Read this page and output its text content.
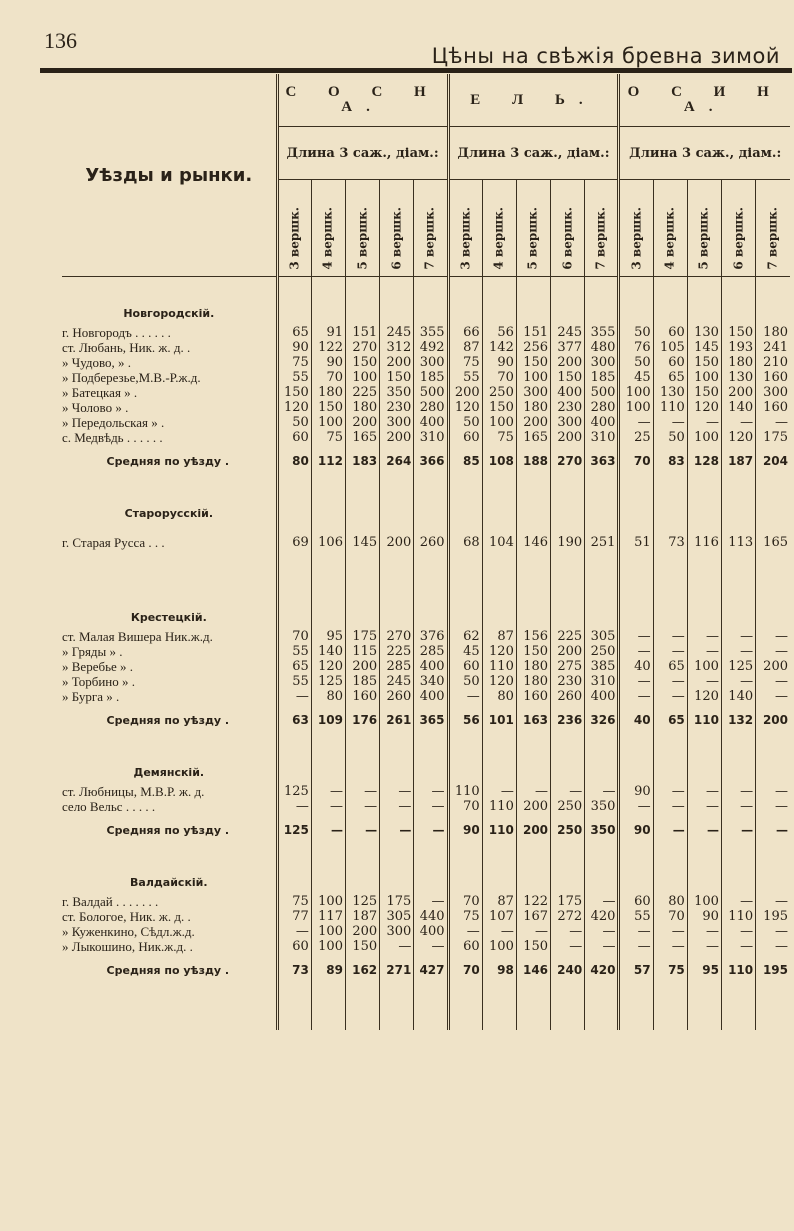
136
Цѣны на свѣжія бревна зимой
Уѣзды и рынки.	С О С Н А.					Е Л Ь.					О С И Н А.				
	Длина 3 саж., діам.:					Длина 3 саж., діам.:					Длина 3 саж., діам.:				

	3 вершк.	4 вершк.	5 вершк.	6 вершк.	7 вершк.	3 вершк.	4 вершк.	5 вершк.	6 вершк.	7 вершк.	3 вершк.	4 вершк.	5 вершк.	6 вершк.	7 вершк.

Новгородскій.															
г. Новгородъ . . . . . .	65	91	151	245	355	66	56	151	245	355	50	60	130	150	180
ст. Любань, Ник. ж. д. .	90	122	270	312	492	87	142	256	377	480	76	105	145	193	241
» Чудово, » .	75	90	150	200	300	75	90	150	200	300	50	60	150	180	210
» Подберезье,М.В.-Р.ж.д.	55	70	100	150	185	55	70	100	150	185	45	65	100	130	160
» Батецкая » .	150	180	225	350	500	200	250	300	400	500	100	130	150	200	300
» Чолово » .	120	150	180	230	280	120	150	180	230	280	100	110	120	140	160
» Передольская » .	50	100	200	300	400	50	100	200	300	400	—	—	—	—	—
с. Медвѣдь . . . . . .	60	75	165	200	310	60	75	165	200	310	25	50	100	120	175
Средняя по уѣзду .	80	112	183	264	366	85	108	188	270	363	70	83	128	187	204
Старорусскій.															
г. Старая Русса . . .	69	106	145	200	260	68	104	146	190	251	51	73	116	113	165

Крестецкій.															
ст. Малая Вишера Ник.ж.д.	70	95	175	270	376	62	87	156	225	305	—	—	—	—	—
» Гряды » .	55	140	115	225	285	45	120	150	200	250	—	—	—	—	—
» Веребье » .	65	120	200	285	400	60	110	180	275	385	40	65	100	125	200
» Торбино » .	55	125	185	245	340	50	120	180	230	310	—	—	—	—	—
» Бурга » .	—	80	160	260	400	—	80	160	260	400	—	—	120	140	—
Средняя по уѣзду .	63	109	176	261	365	56	101	163	236	326	40	65	110	132	200
Демянскій.															
ст. Любницы, М.В.Р. ж. д.	125	—	—	—	—	110	—	—	—	—	90	—	—	—	—
село Вельс . . . . .	—	—	—	—	—	70	110	200	250	350	—	—	—	—	—
Средняя по уѣзду .	125	—	—	—	—	90	110	200	250	350	90	—	—	—	—
Валдайскій.															
г. Валдай . . . . . . .	75	100	125	175	—	70	87	122	175	—	60	80	100	—	—
ст. Бологое, Ник. ж. д. .	77	117	187	305	440	75	107	167	272	420	55	70	90	110	195
» Куженкино, Сѣдл.ж.д.	—	100	200	300	400	—	—	—	—	—	—	—	—	—	—
» Лыкошино, Ник.ж.д. .	60	100	150	—	—	60	100	150	—	—	—	—	—	—	—
Средняя по уѣзду .	73	89	162	271	427	70	98	146	240	420	57	75	95	110	195
